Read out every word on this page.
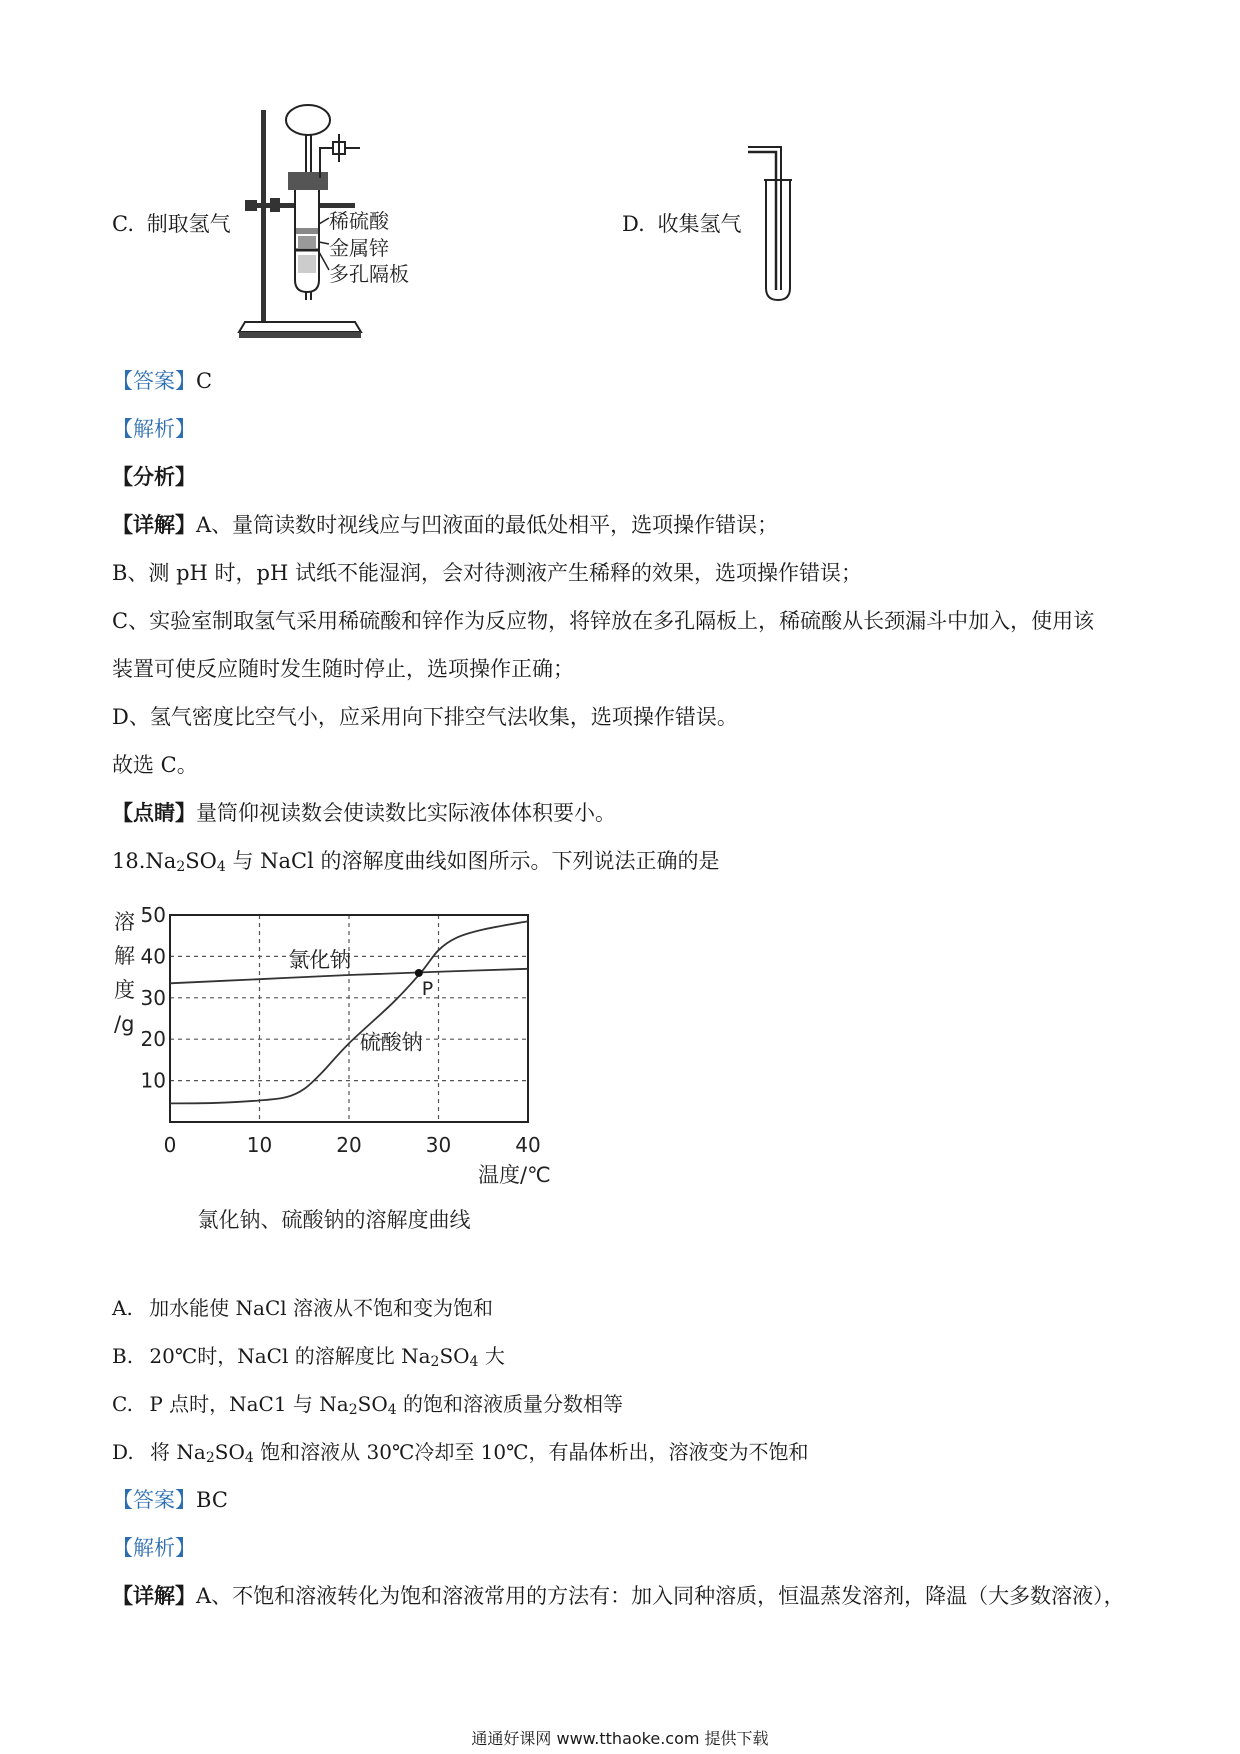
C. 制取氢气	稀硫酸
金属锌
多孔隔板
D. 收集氢气
【答案】C
【解析】
【分析】
【详解】A、量筒读数时视线应与凹液面的最低处相平，选项操作错误；
B、测 pH 时，pH 试纸不能湿润，会对待测液产生稀释的效果，选项操作错误；
C、实验室制取氢气采用稀硫酸和锌作为反应物，将锌放在多孔隔板上，稀硫酸从长颈漏斗中加入，使用该
装置可使反应随时发生随时停止，选项操作正确；
D、氢气密度比空气小，应采用向下排空气法收集，选项操作错误。
故选 C。
【点睛】量筒仰视读数会使读数比实际液体体积要小。
$18.Na_2SO_4$ 与 NaCl 的溶解度曲线如图所示。下列说法正确的是
溶
解
度
/g
10
20
30
40
50
0	10	20	30	40
氯化钠
硫酸钠
P
温度/℃
氯化钠、硫酸钠的溶解度曲线
A. 加水能使 NaCl 溶液从不饱和变为饱和
B. 20℃时，NaCl 的溶解度比 $Na_2SO_4$ 大
C. P 点时，NaC1 与 $Na_2SO_4$ 的饱和溶液质量分数相等
D. 将 $Na_2SO_4$ 饱和溶液从 30℃冷却至 10℃，有晶体析出，溶液变为不饱和
【答案】BC
【解析】
【详解】A、不饱和溶液转化为饱和溶液常用的方法有：加入同种溶质，恒温蒸发溶剂，降温（大多数溶液），
通通好课网 www.tthaoke.com 提供下载
